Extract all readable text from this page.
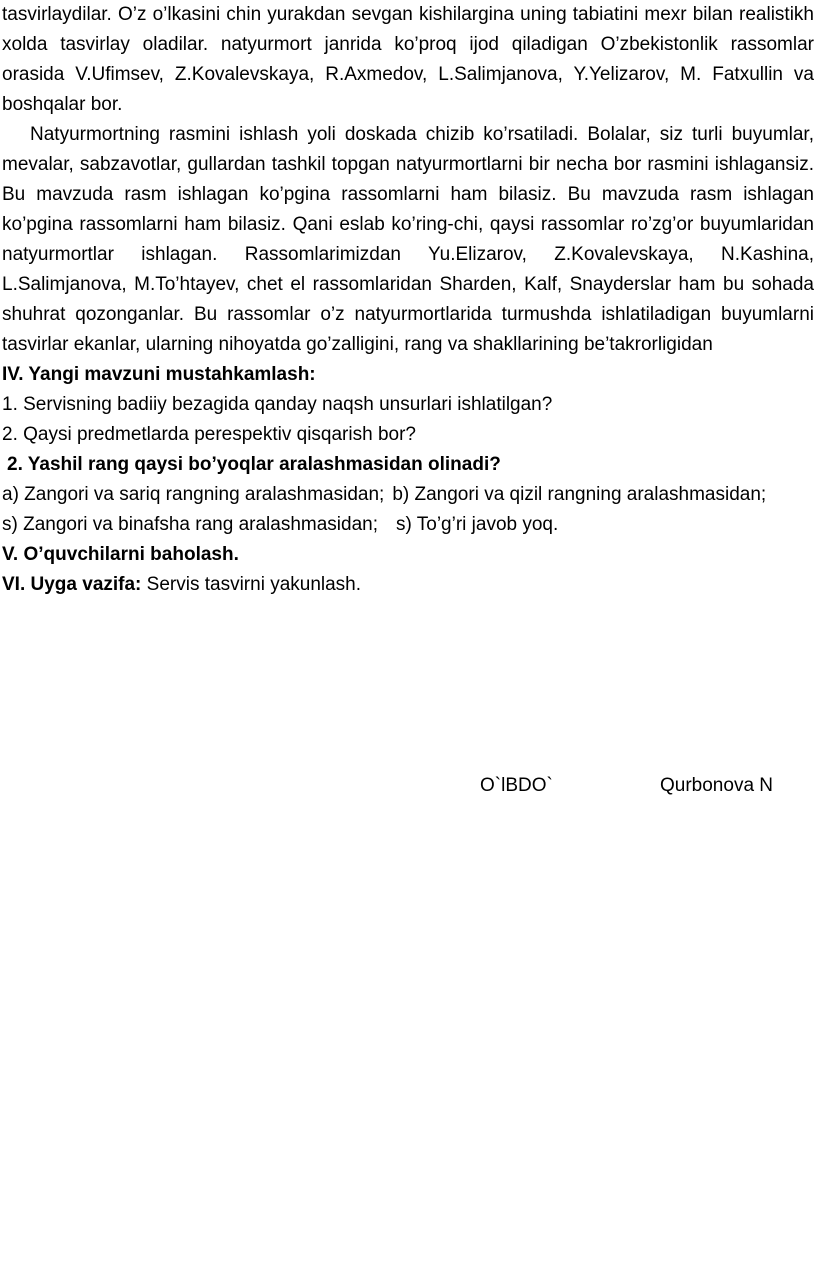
tasvirlaydilar. O’z o’lkasini chin yurakdan sevgan kishilargina uning tabiatini mexr bilan realistikh xolda tasvirlay oladilar. natyurmort janrida ko’proq ijod qiladigan O’zbekistonlik rassomlar orasida V.Ufimsev, Z.Kovalevskaya, R.Axmedov, L.Salimjanova, Y.Yelizarov, M. Fatxullin va boshqalar bor.

Natyurmortning rasmini ishlash yoli doskada chizib ko’rsatiladi. Bolalar, siz turli buyumlar, mevalar, sabzavotlar, gullardan tashkil topgan natyurmortlarni bir necha bor rasmini ishlagansiz. Bu mavzuda rasm ishlagan ko’pgina rassomlarni ham bilasiz. Bu mavzuda rasm ishlagan ko’pgina rassomlarni ham bilasiz. Qani eslab ko’ring-chi, qaysi rassomlar ro’zg’or buyumlaridan natyurmortlar ishlagan. Rassomlarimizdan Yu.Elizarov, Z.Kovalevskaya, N.Kashina, L.Salimjanova, M.To’htayev, chet el rassomlaridan Sharden, Kalf, Snayderslar ham bu sohada shuhrat qozonganlar. Bu rassomlar o’z natyurmortlarida turmushda ishlatiladigan buyumlarni tasvirlar ekanlar, ularning nihoyatda go’zalligini, rang va shakllarining be’takrorligidan

IV. Yangi mavzuni mustahkamlash:

1. Servisning badiiy bezagida qanday naqsh unsurlari ishlatilgan?

2. Qaysi predmetlarda perespektiv qisqarish bor?

2. Yashil rang qaysi bo’yoqlar aralashmasidan olinadi?

a) Zangori va sariq rangning aralashmasidan; b) Zangori va qizil rangning aralashmasidan;

s) Zangori va binafsha rang aralashmasidan; s) To’g’ri javob yoq.

V. O’quvchilarni baholash.

VI. Uyga vazifa: Servis tasvirni yakunlash.

O`lBDO`	Qurbonova N
